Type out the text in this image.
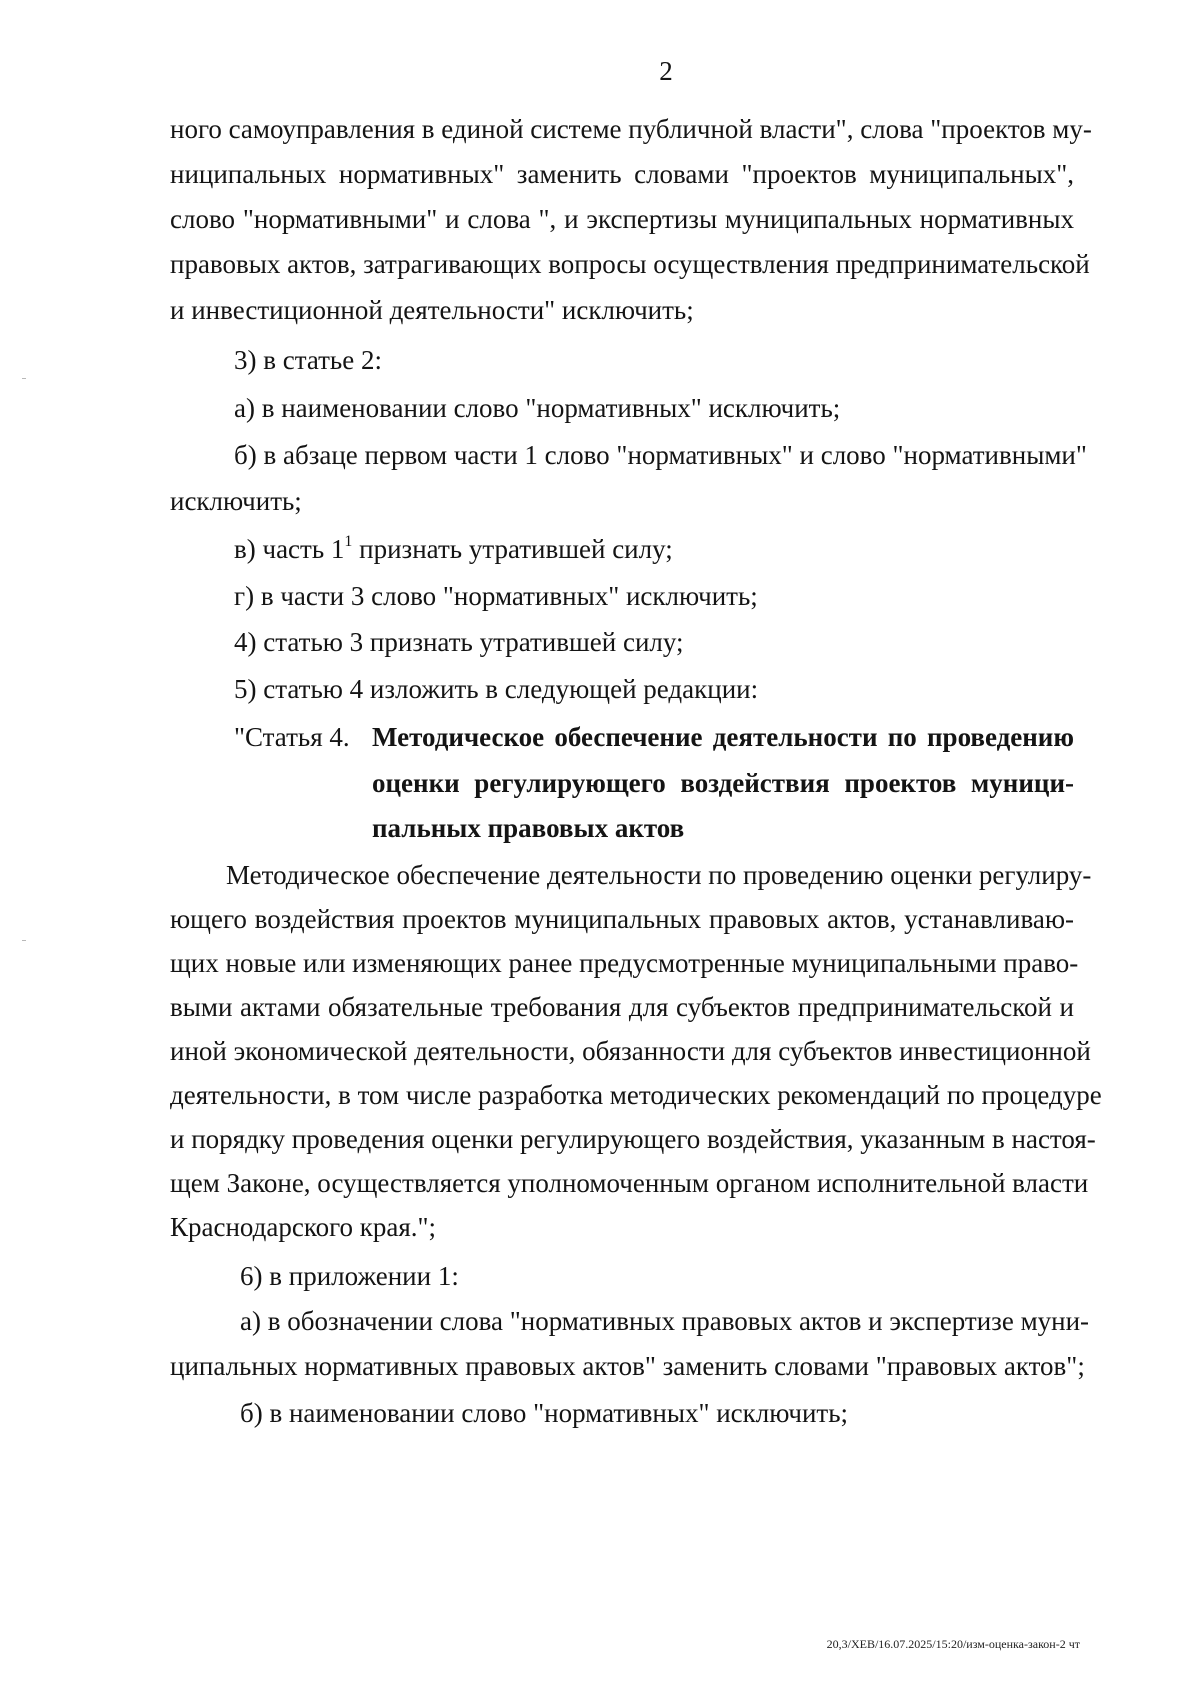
2
ного самоуправления в единой системе публичной власти", слова "проектов му-
ниципальных нормативных" заменить словами "проектов муниципальных",
слово "нормативными" и слова ", и экспертизы муниципальных нормативных
правовых актов, затрагивающих вопросы осуществления предпринимательской
и инвестиционной деятельности" исключить;
3) в статье 2:
а) в наименовании слово "нормативных" исключить;
б) в абзаце первом части 1 слово "нормативных" и слово "нормативными"
исключить;
в) часть $1^1$ признать утратившей силу;
г) в части 3 слово "нормативных" исключить;
4) статью 3 признать утратившей силу;
5) статью 4 изложить в следующей редакции:
"Статья 4. Методическое обеспечение деятельности по проведению
оценки регулирующего воздействия проектов муници-
пальных правовых актов
Методическое обеспечение деятельности по проведению оценки регулиру-
ющего воздействия проектов муниципальных правовых актов, устанавливаю-
щих новые или изменяющих ранее предусмотренные муниципальными право-
выми актами обязательные требования для субъектов предпринимательской и
иной экономической деятельности, обязанности для субъектов инвестиционной
деятельности, в том числе разработка методических рекомендаций по процедуре
и порядку проведения оценки регулирующего воздействия, указанным в настоя-
щем Законе, осуществляется уполномоченным органом исполнительной власти
Краснодарского края.";
6) в приложении 1:
а) в обозначении слова "нормативных правовых актов и экспертизе муни-
ципальных нормативных правовых актов" заменить словами "правовых актов";
б) в наименовании слово "нормативных" исключить;
20,3/ХЕВ/16.07.2025/15:20/изм-оценка-закон-2 чт
